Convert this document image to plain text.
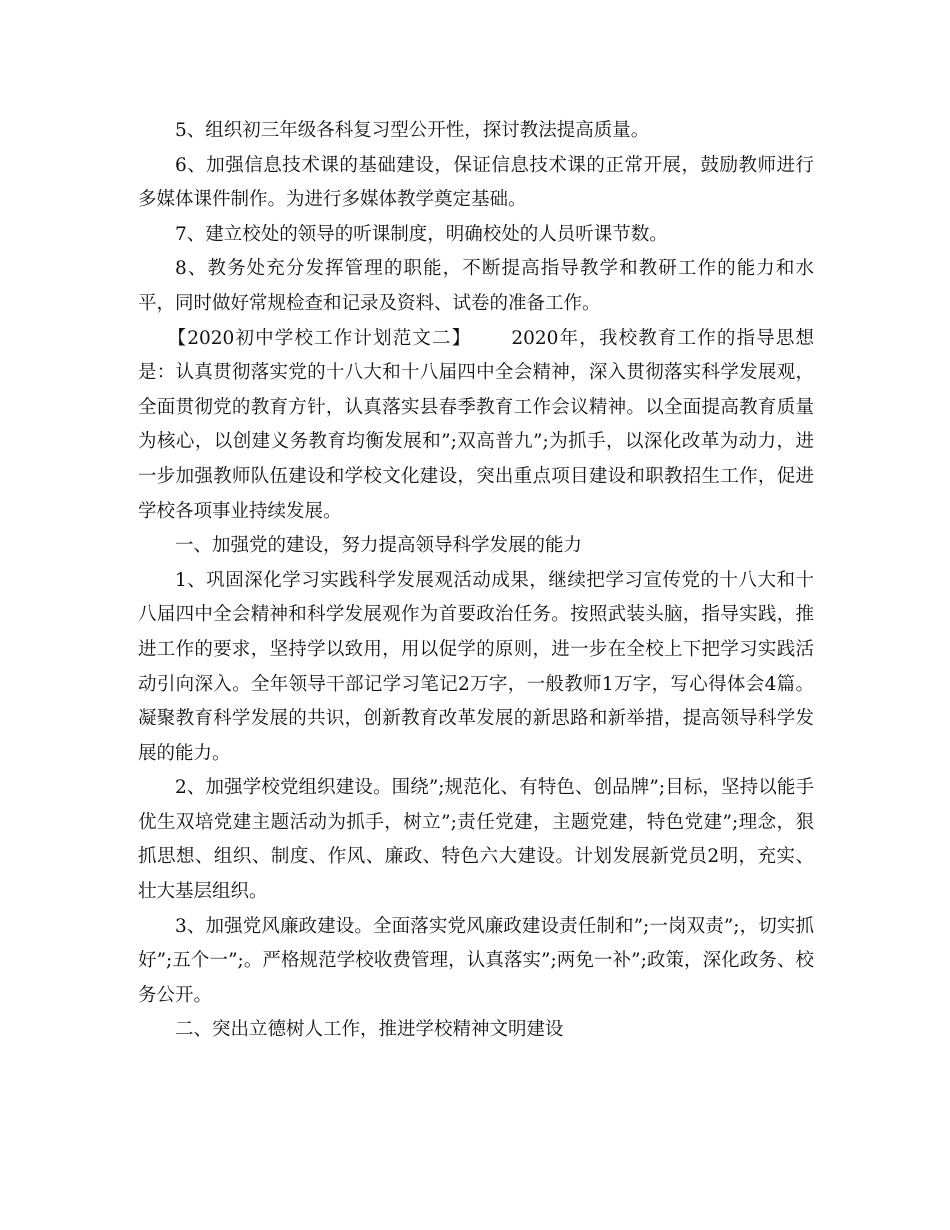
5、组织初三年级各科复习型公开性，探讨教法提高质量。

6、加强信息技术课的基础建设，保证信息技术课的正常开展，鼓励教师进行多媒体课件制作。为进行多媒体教学奠定基础。

7、建立校处的领导的听课制度，明确校处的人员听课节数。

8、教务处充分发挥管理的职能，不断提高指导教学和教研工作的能力和水平，同时做好常规检查和记录及资料、试卷的准备工作。

【2020初中学校工作计划范文二】 2020年，我校教育工作的指导思想是：认真贯彻落实党的十八大和十八届四中全会精神，深入贯彻落实科学发展观，全面贯彻党的教育方针，认真落实县春季教育工作会议精神。以全面提高教育质量为核心，以创建义务教育均衡发展和”;双高普九”;为抓手，以深化改革为动力，进一步加强教师队伍建设和学校文化建设，突出重点项目建设和职教招生工作，促进学校各项事业持续发展。

一、加强党的建设，努力提高领导科学发展的能力

1、巩固深化学习实践科学发展观活动成果，继续把学习宣传党的十八大和十八届四中全会精神和科学发展观作为首要政治任务。按照武装头脑，指导实践，推进工作的要求，坚持学以致用，用以促学的原则，进一步在全校上下把学习实践活动引向深入。全年领导干部记学习笔记2万字，一般教师1万字，写心得体会4篇。凝聚教育科学发展的共识，创新教育改革发展的新思路和新举措，提高领导科学发展的能力。

2、加强学校党组织建设。围绕”;规范化、有特色、创品牌”;目标，坚持以能手优生双培党建主题活动为抓手，树立”;责任党建，主题党建，特色党建”;理念，狠抓思想、组织、制度、作风、廉政、特色六大建设。计划发展新党员2明，充实、壮大基层组织。

3、加强党风廉政建设。全面落实党风廉政建设责任制和”;一岗双责”;，切实抓好”;五个一”;。严格规范学校收费管理，认真落实”;两免一补”;政策，深化政务、校务公开。

二、突出立德树人工作，推进学校精神文明建设
